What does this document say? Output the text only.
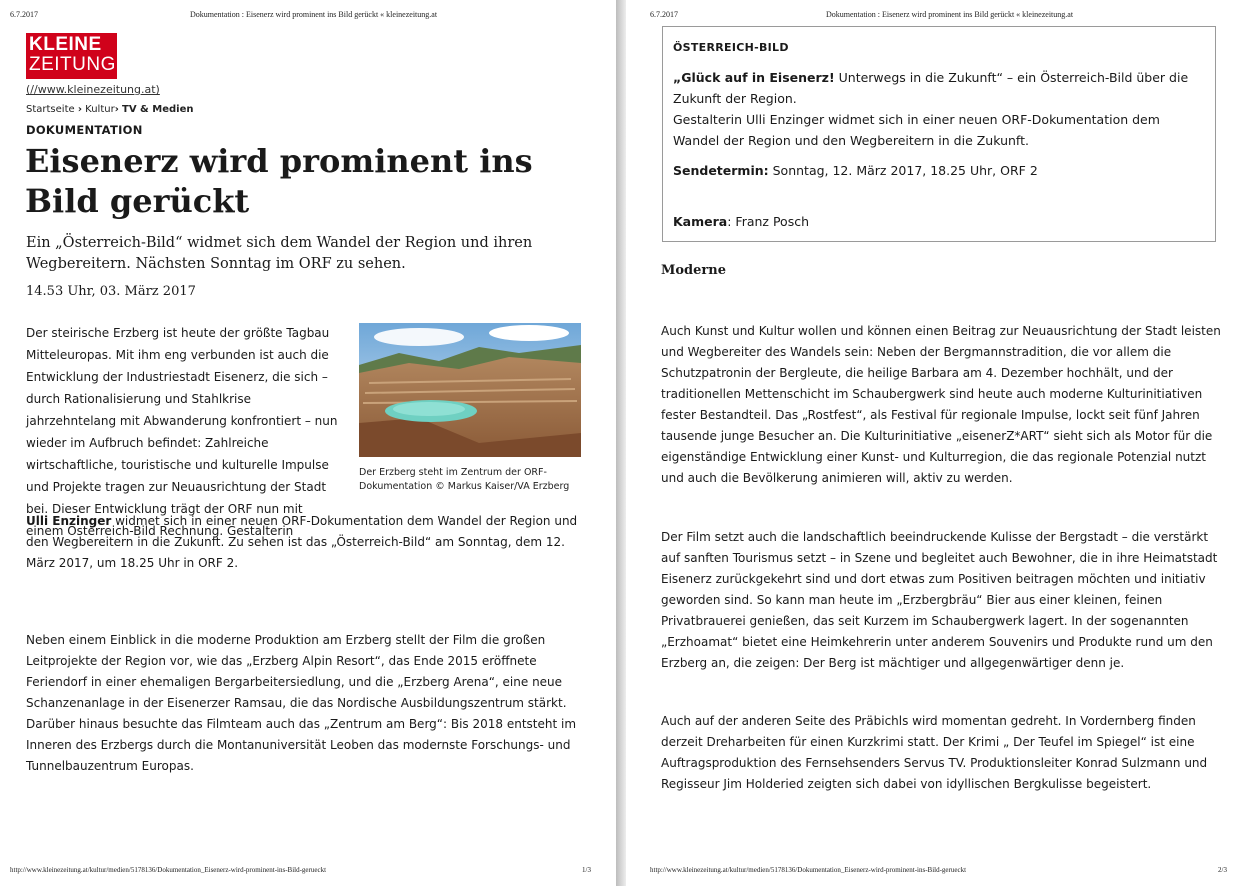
6.7.2017	Dokumentation : Eisenerz wird prominent ins Bild gerückt « kleinezeitung.at
KLEINE
ZEITUNG
(//www.kleinezeitung.at)
Startseite › Kultur› TV & Medien
DOKUMENTATION
Eisenerz wird prominent ins Bild gerückt
Ein „Österreich-Bild“ widmet sich dem Wandel der Region und ihren Wegbereitern. Nächsten Sonntag im ORF zu sehen.
14.53 Uhr, 03. März 2017

Der steirische Erzberg ist heute der größte Tagbau Mitteleuropas. Mit ihm eng verbunden ist auch die Entwicklung der Industriestadt Eisenerz, die sich – durch Rationalisierung und Stahlkrise jahrzehntelang mit Abwanderung konfrontiert – nun wieder im Aufbruch befindet: Zahlreiche wirtschaftliche, touristische und kulturelle Impulse und Projekte tragen zur Neuausrichtung der Stadt bei. Dieser Entwicklung trägt der ORF nun mit einem Österreich-Bild Rechnung. Gestalterin

Der Erzberg steht im Zentrum der ORF-Dokumentation © Markus Kaiser/VA Erzberg

Ulli Enzinger widmet sich in einer neuen ORF-Dokumentation dem Wandel der Region und den Wegbereitern in die Zukunft. Zu sehen ist das „Österreich-Bild“ am Sonntag, dem 12. März 2017, um 18.25 Uhr in ORF 2.

Neben einem Einblick in die moderne Produktion am Erzberg stellt der Film die großen Leitprojekte der Region vor, wie das „Erzberg Alpin Resort“, das Ende 2015 eröffnete Feriendorf in einer ehemaligen Bergarbeitersiedlung, und die „Erzberg Arena“, eine neue Schanzenanlage in der Eisenerzer Ramsau, die das Nordische Ausbildungszentrum stärkt. Darüber hinaus besuchte das Filmteam auch das „Zentrum am Berg“: Bis 2018 entsteht im Inneren des Erzbergs durch die Montanuniversität Leoben das modernste Forschungs- und Tunnelbauzentrum Europas.

http://www.kleinezeitung.at/kultur/medien/5178136/Dokumentation_Eisenerz-wird-prominent-ins-Bild-gerueckt	1/3
6.7.2017	Dokumentation : Eisenerz wird prominent ins Bild gerückt « kleinezeitung.at
ÖSTERREICH-BILD

„Glück auf in Eisenerz! Unterwegs in die Zukunft“ – ein Österreich-Bild über die Zukunft der Region.

Gestalterin Ulli Enzinger widmet sich in einer neuen ORF-Dokumentation dem Wandel der Region und den Wegbereitern in die Zukunft.

Sendetermin: Sonntag, 12. März 2017, 18.25 Uhr, ORF 2

Kamera: Franz Posch

Moderne

Auch Kunst und Kultur wollen und können einen Beitrag zur Neuausrichtung der Stadt leisten und Wegbereiter des Wandels sein: Neben der Bergmannstradition, die vor allem die Schutzpatronin der Bergleute, die heilige Barbara am 4. Dezember hochhält, und der traditionellen Mettenschicht im Schaubergwerk sind heute auch moderne Kulturinitiativen fester Bestandteil. Das „Rostfest“, als Festival für regionale Impulse, lockt seit fünf Jahren tausende junge Besucher an. Die Kulturinitiative „eisenerZ*ART“ sieht sich als Motor für die eigenständige Entwicklung einer Kunst- und Kulturregion, die das regionale Potenzial nutzt und auch die Bevölkerung animieren will, aktiv zu werden.

Der Film setzt auch die landschaftlich beeindruckende Kulisse der Bergstadt – die verstärkt auf sanften Tourismus setzt – in Szene und begleitet auch Bewohner, die in ihre Heimatstadt Eisenerz zurückgekehrt sind und dort etwas zum Positiven beitragen möchten und initiativ geworden sind. So kann man heute im „Erzbergbräu“ Bier aus einer kleinen, feinen Privatbrauerei genießen, das seit Kurzem im Schaubergwerk lagert. In der sogenannten „Erzhoamat“ bietet eine Heimkehrerin unter anderem Souvenirs und Produkte rund um den Erzberg an, die zeigen: Der Berg ist mächtiger und allgegenwärtiger denn je.

Auch auf der anderen Seite des Präbichls wird momentan gedreht. In Vordernberg finden derzeit Dreharbeiten für einen Kurzkrimi statt. Der Krimi „ Der Teufel im Spiegel“ ist eine Auftragsproduktion des Fernsehsenders Servus TV. Produktionsleiter Konrad Sulzmann und Regisseur Jim Holderied zeigten sich dabei von idyllischen Bergkulisse begeistert.

http://www.kleinezeitung.at/kultur/medien/5178136/Dokumentation_Eisenerz-wird-prominent-ins-Bild-gerueckt	2/3
